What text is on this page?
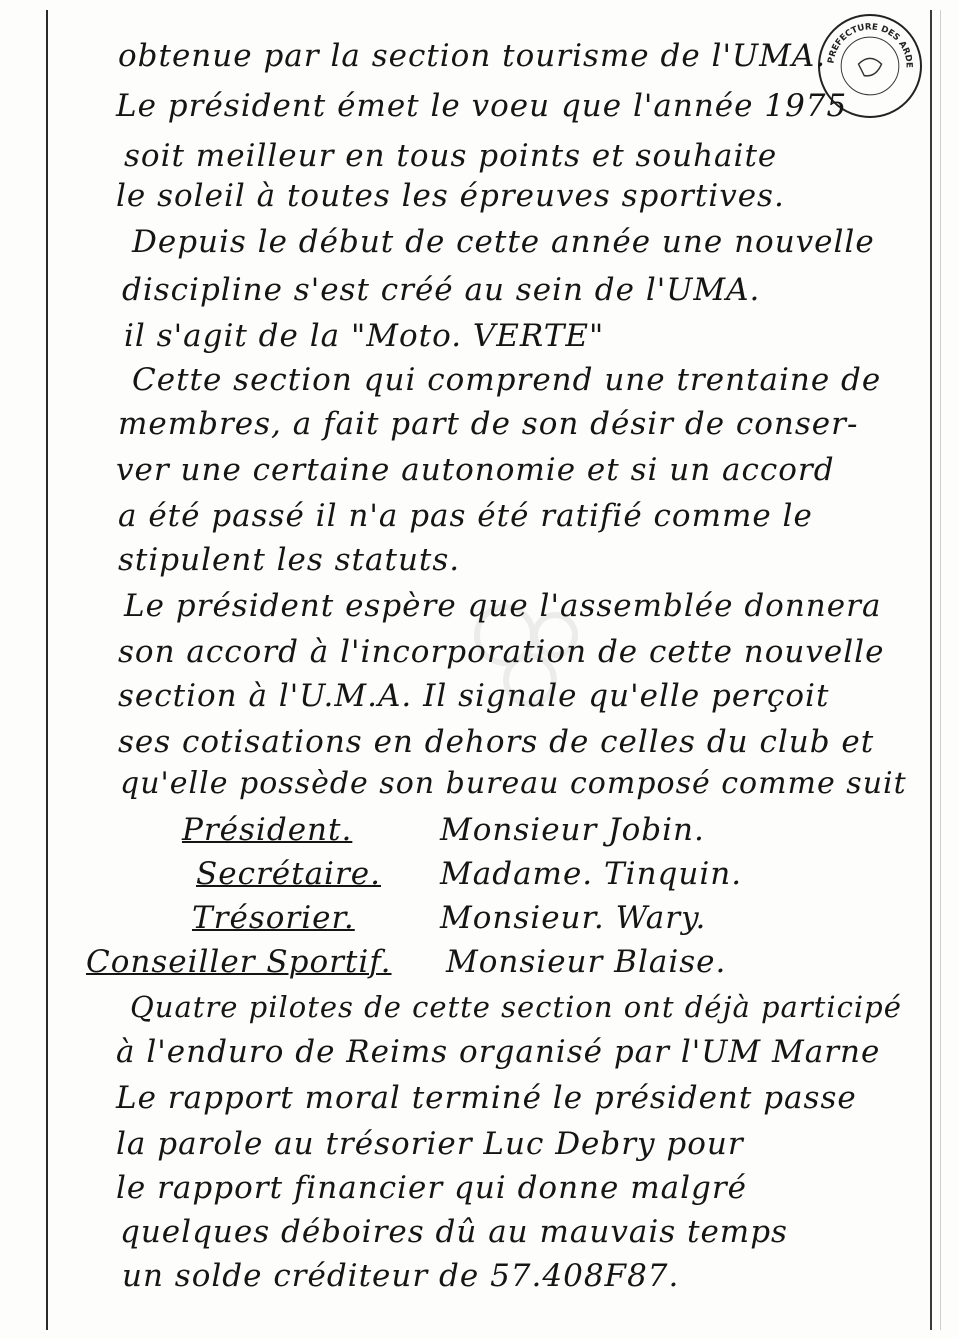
PREFECTURE DES ARDE
obtenue par la section tourisme de l'UMA.
Le président émet le voeu que l'année 1975
soit meilleur en tous points et souhaite
le soleil à toutes les épreuves sportives.
Depuis le début de cette année une nouvelle
discipline s'est créé au sein de l'UMA.
il s'agit de la "Moto. VERTE"
Cette section qui comprend une trentaine de
membres, a fait part de son désir de conser-
ver une certaine autonomie et si un accord
a été passé il n'a pas été ratifié comme le
stipulent les statuts.
Le président espère que l'assemblée donnera
son accord à l'incorporation de cette nouvelle
section à l'U.M.A. Il signale qu'elle perçoit
ses cotisations en dehors de celles du club et
qu'elle possède son bureau composé comme suit
Président.	Monsieur Jobin.
Secrétaire. Madame. Tinquin.
Trésorier.	Monsieur. Wary.
Conseiller Sportif. Monsieur Blaise.
Quatre pilotes de cette section ont déjà participé
à l'enduro de Reims organisé par l'UM Marne
Le rapport moral terminé le président passe
la parole au trésorier Luc Debry pour
le rapport financier qui donne malgré
quelques déboires dû au mauvais temps
un solde créditeur de 57.408F87.
